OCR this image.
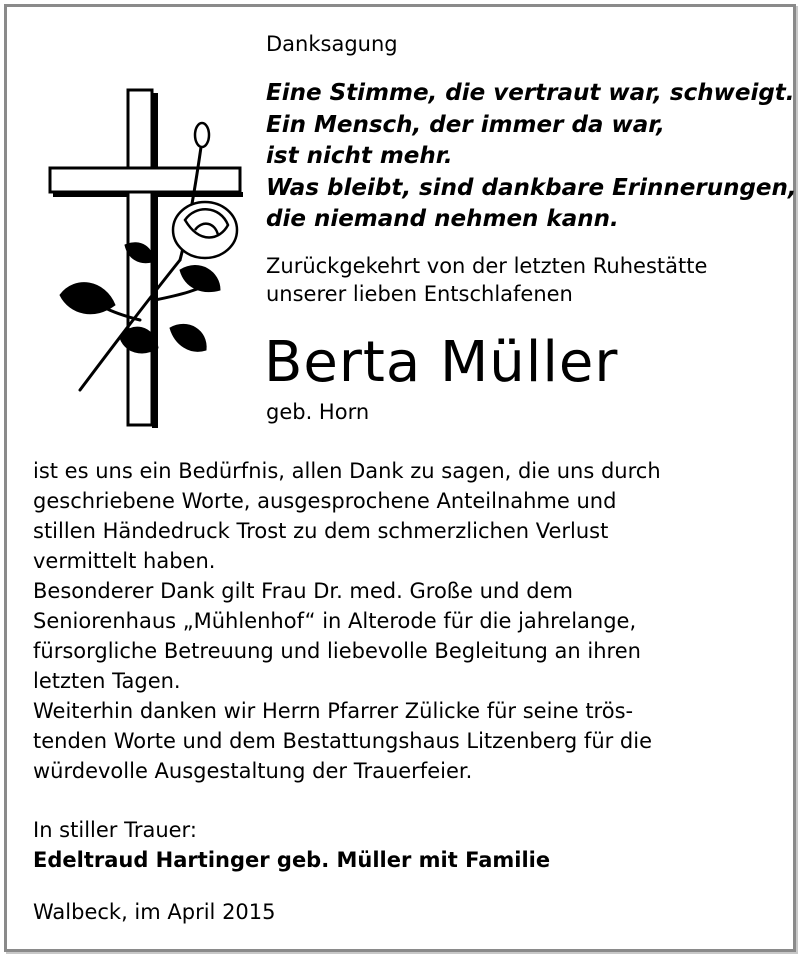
Danksagung
Eine Stimme, die vertraut war, schweigt.
Ein Mensch, der immer da war,
ist nicht mehr.
Was bleibt, sind dankbare Erinnerungen,
die niemand nehmen kann.
Zurückgekehrt von der letzten Ruhestätte
unserer lieben Entschlafenen
Berta Müller
geb. Horn
ist es uns ein Bedürfnis, allen Dank zu sagen, die uns durch
geschriebene Worte, ausgesprochene Anteilnahme und
stillen Händedruck Trost zu dem schmerzlichen Verlust
vermittelt haben.
Besonderer Dank gilt Frau Dr. med. Große und dem
Seniorenhaus „Mühlenhof“ in Alterode für die jahrelange,
fürsorgliche Betreuung und liebevolle Begleitung an ihren
letzten Tagen.
Weiterhin danken wir Herrn Pfarrer Zülicke für seine trös-
tenden Worte und dem Bestattungshaus Litzenberg für die
würdevolle Ausgestaltung der Trauerfeier.
In stiller Trauer:
Edeltraud Hartinger geb. Müller mit Familie
Walbeck, im April 2015
